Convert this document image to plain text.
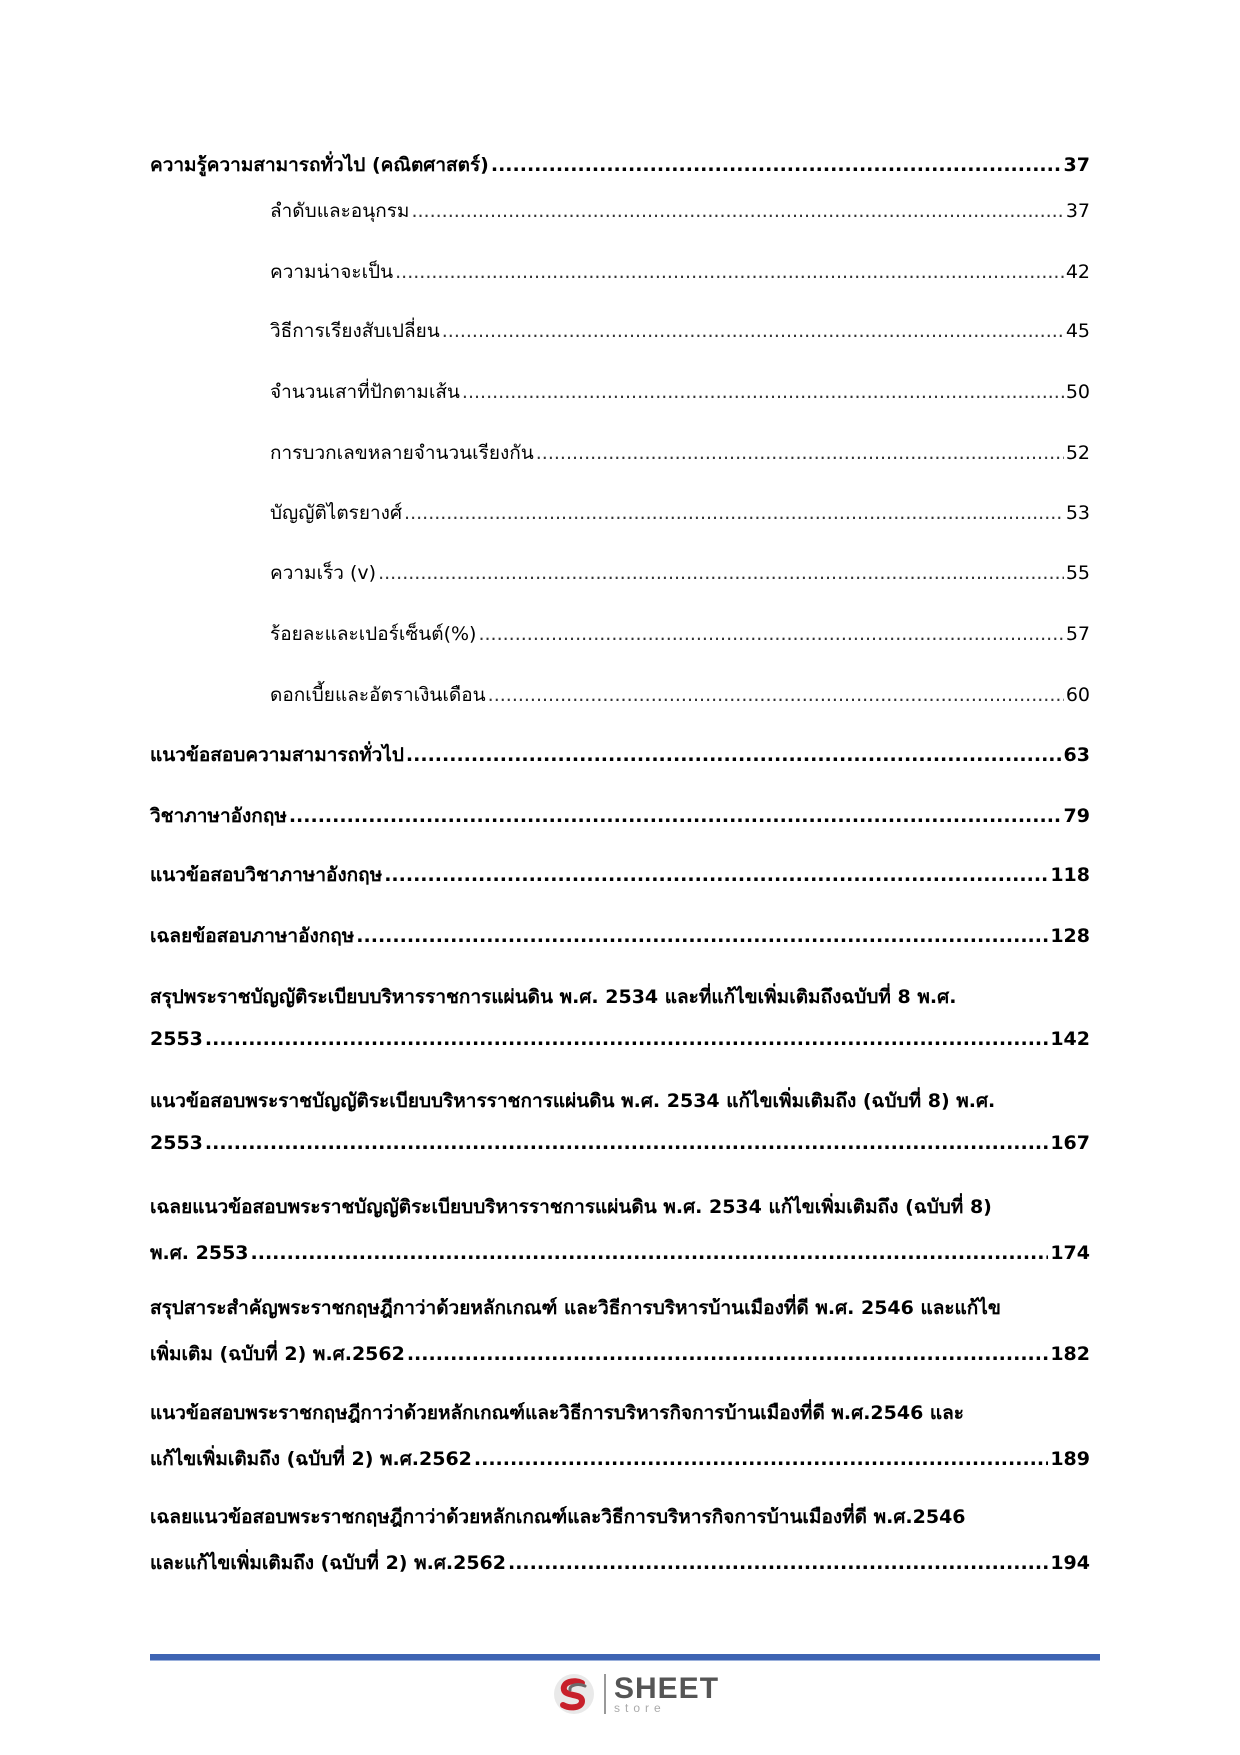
ความรู้ความสามารถทั่วไป (คณิตศาสตร์) .....	37
ลำดับและอนุกรม .....	37
ความน่าจะเป็น .....	42
วิธีการเรียงสับเปลี่ยน .....	45
จำนวนเสาที่ปักตามเส้น .....	50
การบวกเลขหลายจำนวนเรียงกัน .....	52
บัญญัติไตรยางศ์ .....	53
ความเร็ว (v) .....	55
ร้อยละและเปอร์เซ็นต์(%) .....	57
ดอกเบี้ยและอัตราเงินเดือน .....	60
แนวข้อสอบความสามารถทั่วไป .....	63
วิชาภาษาอังกฤษ .....	79
แนวข้อสอบวิชาภาษาอังกฤษ .....	118
เฉลยข้อสอบภาษาอังกฤษ .....	128
สรุปพระราชบัญญัติระเบียบบริหารราชการแผ่นดิน พ.ศ. 2534 และที่แก้ไขเพิ่มเติมถึงฉบับที่ 8 พ.ศ.
2553 .....	142
แนวข้อสอบพระราชบัญญัติระเบียบบริหารราชการแผ่นดิน พ.ศ. 2534 แก้ไขเพิ่มเติมถึง (ฉบับที่ 8) พ.ศ.
2553 .....	167
เฉลยแนวข้อสอบพระราชบัญญัติระเบียบบริหารราชการแผ่นดิน พ.ศ. 2534 แก้ไขเพิ่มเติมถึง (ฉบับที่ 8)
พ.ศ. 2553 .....	174
สรุปสาระสำคัญพระราชกฤษฎีกาว่าด้วยหลักเกณฑ์ และวิธีการบริหารบ้านเมืองที่ดี พ.ศ. 2546 และแก้ไข
เพิ่มเติม (ฉบับที่ 2) พ.ศ.2562 .....	182
แนวข้อสอบพระราชกฤษฎีกาว่าด้วยหลักเกณฑ์และวิธีการบริหารกิจการบ้านเมืองที่ดี พ.ศ.2546 และ
แก้ไขเพิ่มเติมถึง (ฉบับที่ 2) พ.ศ.2562 .....	189
เฉลยแนวข้อสอบพระราชกฤษฎีกาว่าด้วยหลักเกณฑ์และวิธีการบริหารกิจการบ้านเมืองที่ดี พ.ศ.2546
และแก้ไขเพิ่มเติมถึง (ฉบับที่ 2) พ.ศ.2562 .....	194
SHEET
store
